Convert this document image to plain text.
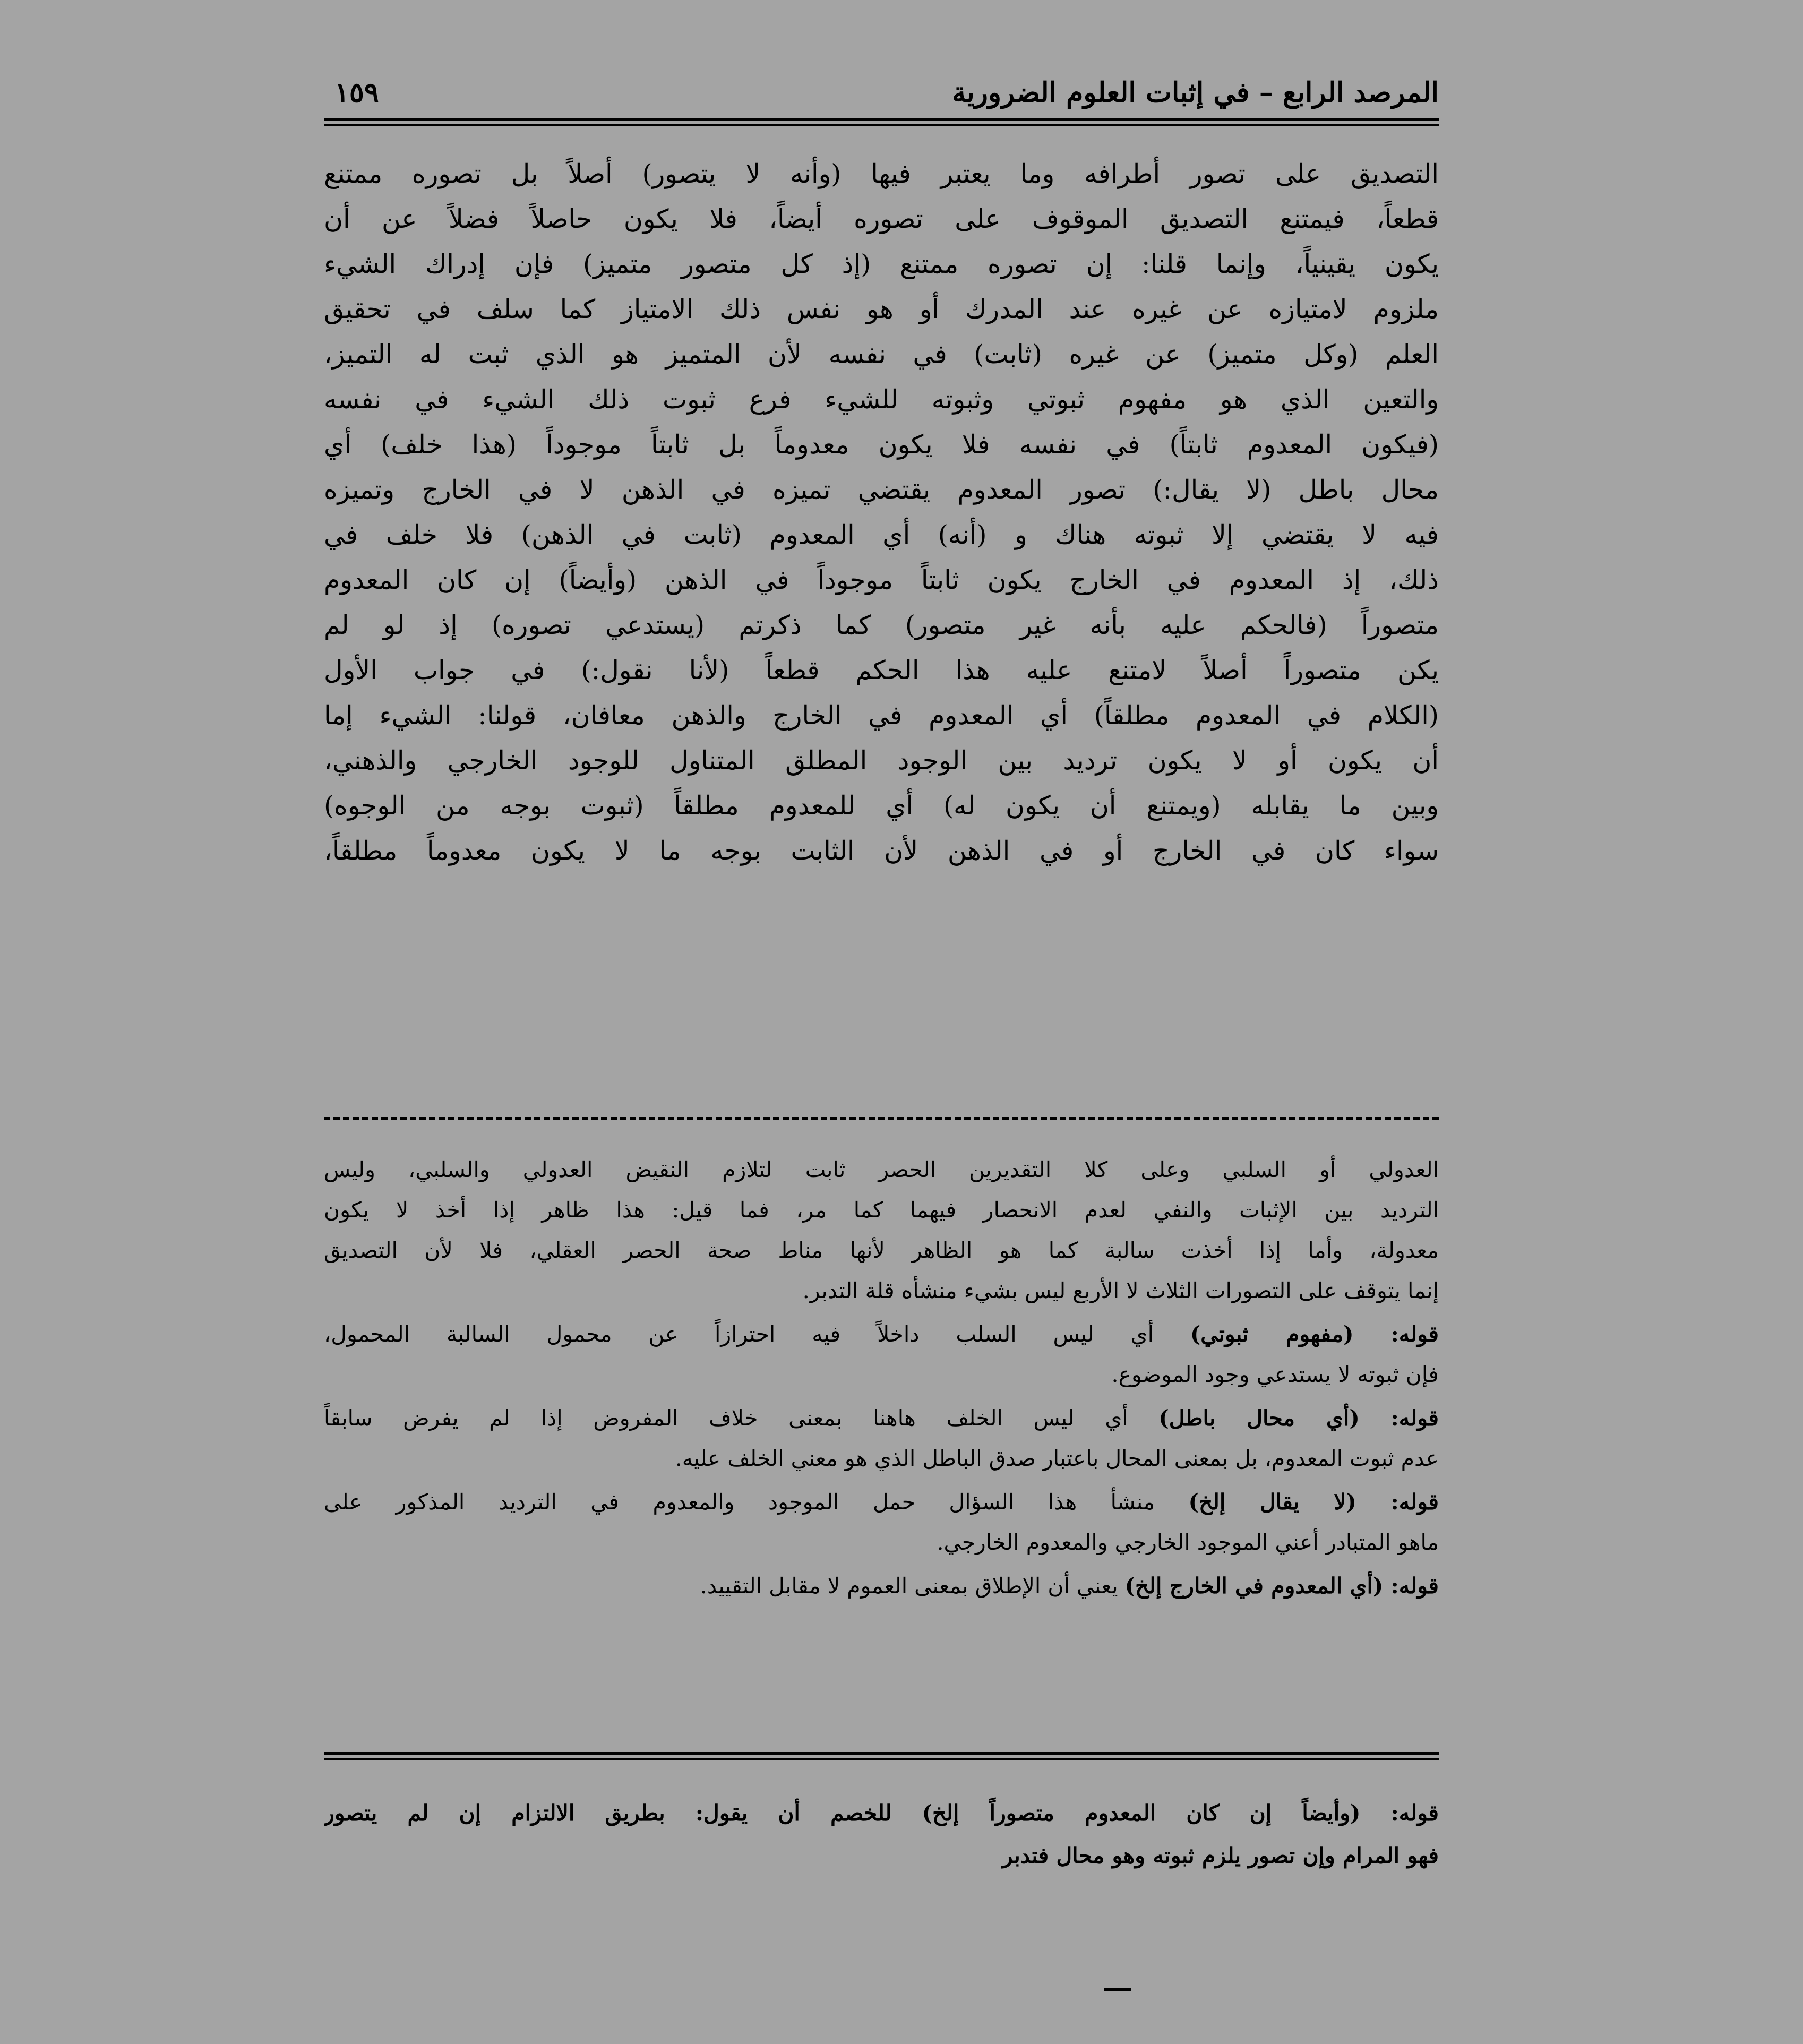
المرصد الرابع – في إثبات العلوم الضرورية
١٥٩

التصديق على تصور أطرافه وما يعتبر فيها (وأنه لا يتصور) أصلاً بل تصوره ممتنع

قطعاً، فيمتنع التصديق الموقوف على تصوره أيضاً، فلا يكون حاصلاً فضلاً عن أن

يكون يقينياً، وإنما قلنا: إن تصوره ممتنع (إذ كل متصور متميز) فإن إدراك الشيء

ملزوم لامتيازه عن غيره عند المدرك أو هو نفس ذلك الامتياز كما سلف في تحقيق

العلم (وكل متميز) عن غيره (ثابت) في نفسه لأن المتميز هو الذي ثبت له التميز،

والتعين الذي هو مفهوم ثبوتي وثبوته للشيء فرع ثبوت ذلك الشيء في نفسه

(فيكون المعدوم ثابتاً) في نفسه فلا يكون معدوماً بل ثابتاً موجوداً (هذا خلف) أي

محال باطل (لا يقال:) تصور المعدوم يقتضي تميزه في الذهن لا في الخارج وتميزه

فيه لا يقتضي إلا ثبوته هناك و (أنه) أي المعدوم (ثابت في الذهن) فلا خلف في

ذلك، إذ المعدوم في الخارج يكون ثابتاً موجوداً في الذهن (وأيضاً) إن كان المعدوم

متصوراً (فالحكم عليه بأنه غير متصور) كما ذكرتم (يستدعي تصوره) إذ لو لم

يكن متصوراً أصلاً لامتنع عليه هذا الحكم قطعاً (لأنا نقول:) في جواب الأول

(الكلام في المعدوم مطلقاً) أي المعدوم في الخارج والذهن معافان، قولنا: الشيء إما

أن يكون أو لا يكون ترديد بين الوجود المطلق المتناول للوجود الخارجي والذهني،

وبين ما يقابله (ويمتنع أن يكون له) أي للمعدوم مطلقاً (ثبوت بوجه من الوجوه)

سواء كان في الخارج أو في الذهن لأن الثابت بوجه ما لا يكون معدوماً مطلقاً،

العدولي أو السلبي وعلى كلا التقديرين الحصر ثابت لتلازم النقيض العدولي والسلبي، وليس
الترديد بين الإثبات والنفي لعدم الانحصار فيهما كما مر، فما قيل: هذا ظاهر إذا أخذ لا يكون
معدولة، وأما إذا أخذت سالبة كما هو الظاهر لأنها مناط صحة الحصر العقلي، فلا لأن التصديق
إنما يتوقف على التصورات الثلاث لا الأربع ليس بشيء منشأه قلة التدبر.
قوله: (مفهوم ثبوتي) أي ليس السلب داخلاً فيه احترازاً عن محمول السالبة المحمول،
فإن ثبوته لا يستدعي وجود الموضوع.
قوله: (أي محال باطل) أي ليس الخلف هاهنا بمعنى خلاف المفروض إذا لم يفرض سابقاً
عدم ثبوت المعدوم، بل بمعنى المحال باعتبار صدق الباطل الذي هو معني الخلف عليه.
قوله: (لا يقال إلخ) منشأ هذا السؤال حمل الموجود والمعدوم في الترديد المذكور على
ماهو المتبادر أعني الموجود الخارجي والمعدوم الخارجي.
قوله: (أي المعدوم في الخارج إلخ) يعني أن الإطلاق بمعنى العموم لا مقابل التقييد.
قوله: (وأيضاً إن كان المعدوم متصوراً إلخ) للخصم أن يقول: بطريق الالتزام إن لم يتصور
فهو المرام وإن تصور يلزم ثبوته وهو محال فتدبر
